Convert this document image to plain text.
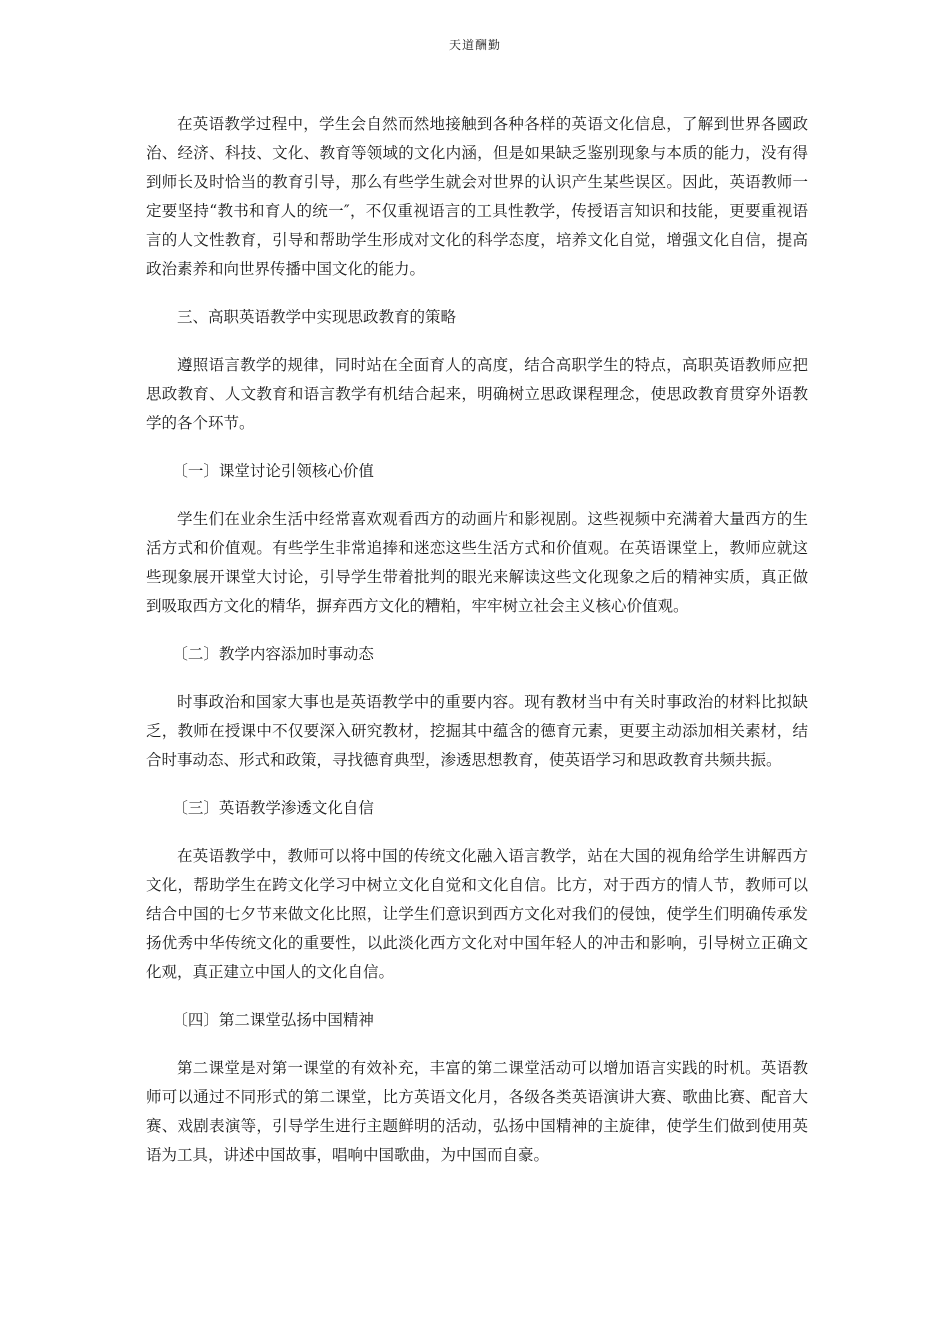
天道酬勤

在英语教学过程中，学生会自然而然地接触到各种各样的英语文化信息，了解到世界各國政治、经济、科技、文化、教育等领域的文化内涵，但是如果缺乏鉴别现象与本质的能力，没有得到师长及时恰当的教育引导，那么有些学生就会对世界的认识产生某些误区。因此，英语教师一定要坚持“教书和育人的统一″，不仅重视语言的工具性教学，传授语言知识和技能，更要重视语言的人文性教育，引导和帮助学生形成对文化的科学态度，培养文化自觉，增强文化自信，提高政治素养和向世界传播中国文化的能力。

三、高职英语教学中实现思政教育的策略

遵照语言教学的规律，同时站在全面育人的高度，结合高职学生的特点，高职英语教师应把思政教育、人文教育和语言教学有机结合起来，明确树立思政课程理念，使思政教育贯穿外语教学的各个环节。

〔一〕课堂讨论引领核心价值

学生们在业余生活中经常喜欢观看西方的动画片和影视剧。这些视频中充满着大量西方的生活方式和价值观。有些学生非常追捧和迷恋这些生活方式和价值观。在英语课堂上，教师应就这些现象展开课堂大讨论，引导学生带着批判的眼光来解读这些文化现象之后的精神实质，真正做到吸取西方文化的精华，摒弃西方文化的糟粕，牢牢树立社会主义核心价值观。

〔二〕教学内容添加时事动态

时事政治和国家大事也是英语教学中的重要内容。现有教材当中有关时事政治的材料比拟缺乏，教师在授课中不仅要深入研究教材，挖掘其中蕴含的德育元素，更要主动添加相关素材，结合时事动态、形式和政策，寻找德育典型，渗透思想教育，使英语学习和思政教育共频共振。

〔三〕英语教学渗透文化自信

在英语教学中，教师可以将中国的传统文化融入语言教学，站在大国的视角给学生讲解西方文化，帮助学生在跨文化学习中树立文化自觉和文化自信。比方，对于西方的情人节，教师可以结合中国的七夕节来做文化比照，让学生们意识到西方文化对我们的侵蚀，使学生们明确传承发扬优秀中华传统文化的重要性，以此淡化西方文化对中国年轻人的冲击和影响，引导树立正确文化观，真正建立中国人的文化自信。

〔四〕第二课堂弘扬中国精神

第二课堂是对第一课堂的有效补充，丰富的第二课堂活动可以增加语言实践的时机。英语教师可以通过不同形式的第二课堂，比方英语文化月，各级各类英语演讲大赛、歌曲比赛、配音大赛、戏剧表演等，引导学生进行主题鲜明的活动，弘扬中国精神的主旋律，使学生们做到使用英语为工具，讲述中国故事，唱响中国歌曲，为中国而自豪。
